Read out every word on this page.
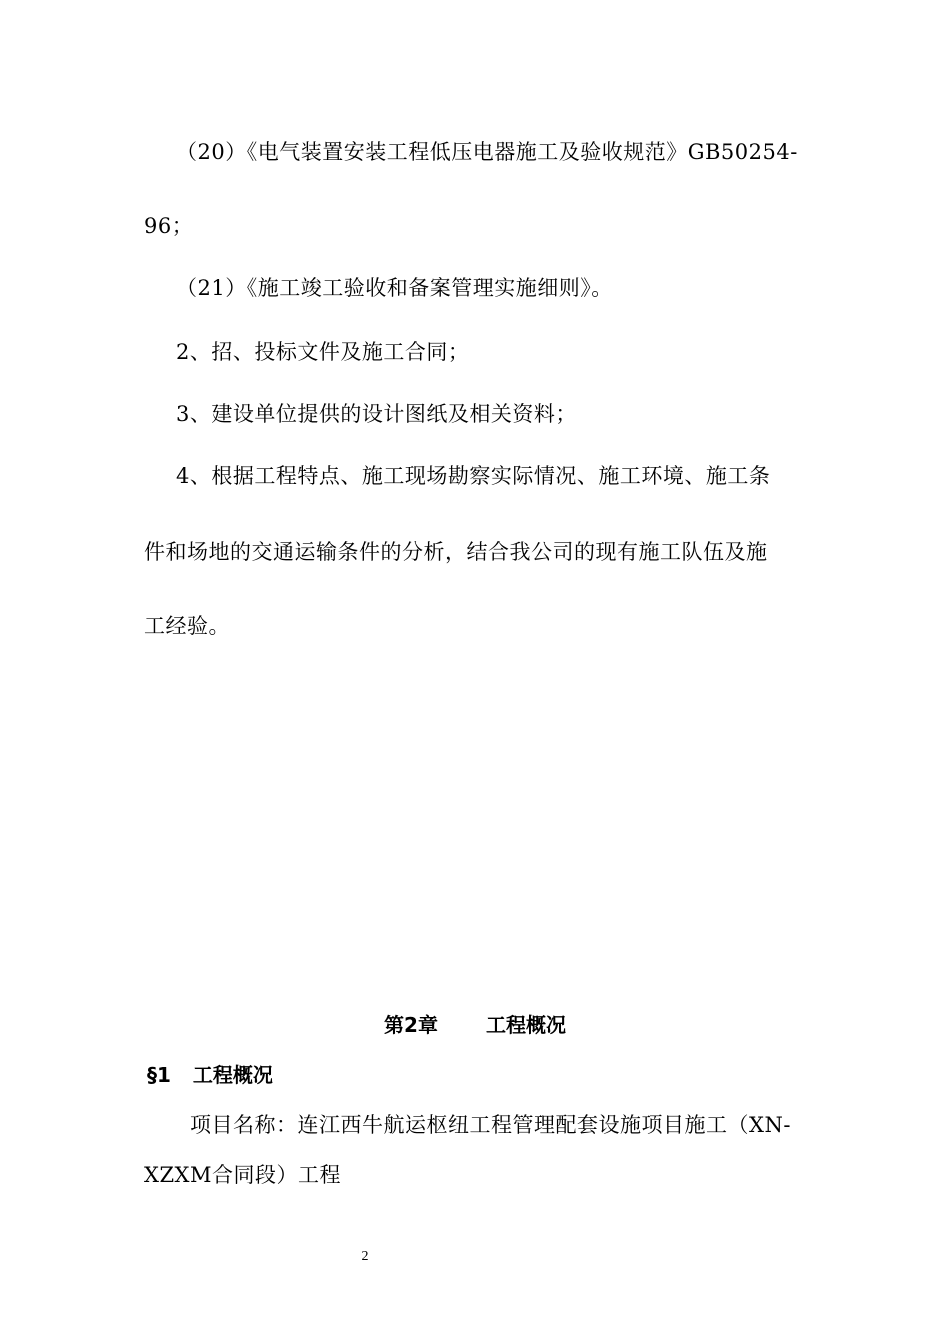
（20）《电气装置安装工程低压电器施工及验收规范》GB50254-

96；

（21）《施工竣工验收和备案管理实施细则》。

2、招、投标文件及施工合同；

3、建设单位提供的设计图纸及相关资料；

4、根据工程特点、施工现场勘察实际情况、施工环境、施工条

件和场地的交通运输条件的分析，结合我公司的现有施工队伍及施

工经验。

第2章 工程概况
§1 工程概况

项目名称：连江西牛航运枢纽工程管理配套设施项目施工（XN-

XZXM合同段）工程

2
